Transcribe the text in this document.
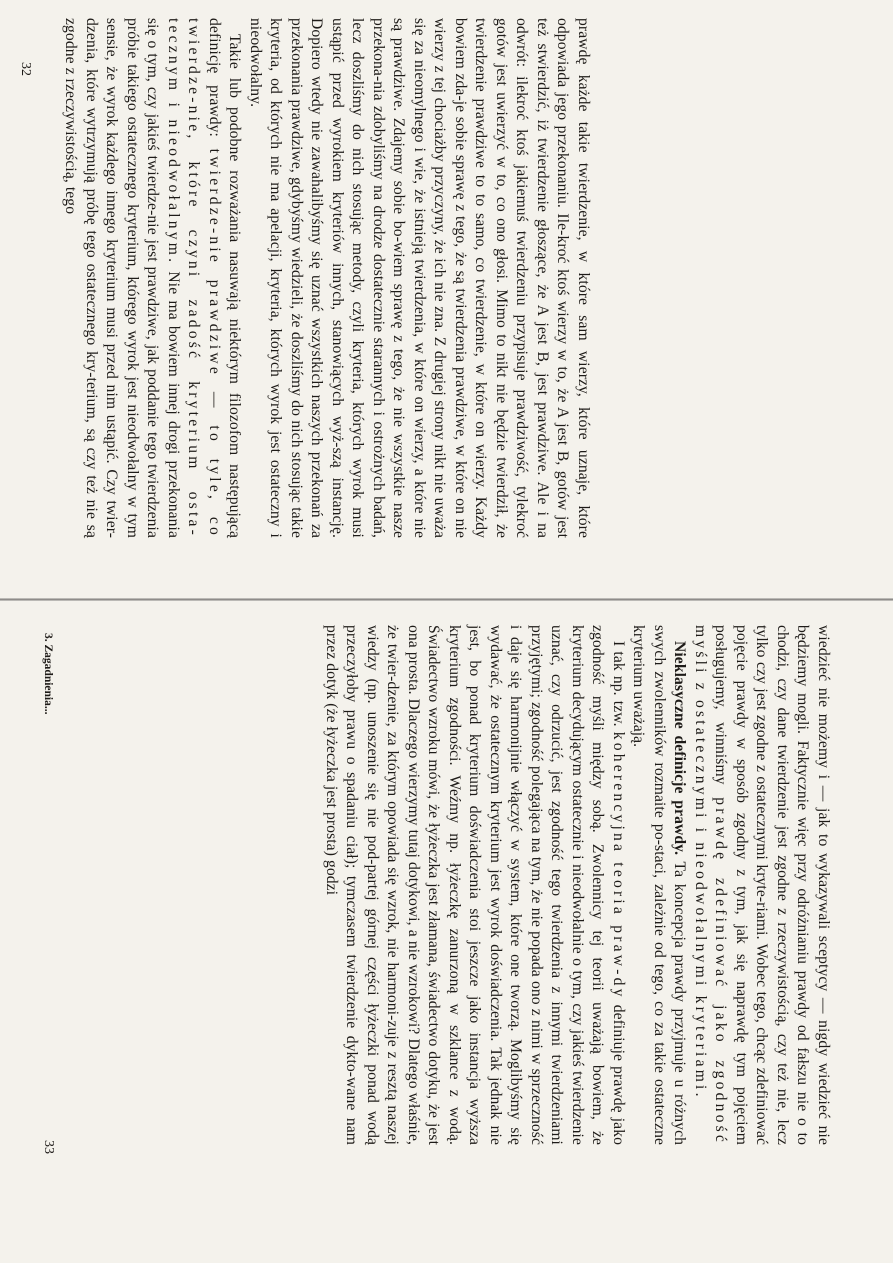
prawdę każde takie twierdzenie, w które sam wierzy, które uznaje, które odpowiada jego przekonaniu. Ile-kroć ktoś wierzy w to, że A jest B, gotów jest też stwierdzić, iż twierdzenie głoszące, że A jest B, jest prawdziwe. Ale i na odwrót: ilekroć ktoś jakiemuś twierdzeniu przypisuje prawdziwość, tylekroć gotów jest uwierzyć w to, co ono głosi. Mimo to nikt nie będzie twierdził, że twierdzenie prawdziwe to to samo, co twierdzenie, w które on wierzy. Każdy bowiem zda-je sobie sprawę z tego, że są twierdzenia prawdziwe, w które on nie wierzy z tej chociażby przyczyny, że ich nie zna. Z drugiej strony nikt nie uważa się za nieomylnego i wie, że istnieją twierdzenia, w które on wierzy, a które nie są prawdziwe. Zdajemy sobie bo-wiem sprawę z tego, że nie wszystkie nasze przekona-nia zdobyliśmy na drodze dostatecznie starannych i ostrożnych badań, lecz doszliśmy do nich stosując metody, czyli kryteria, których wyrok musi ustąpić przed wyrokiem kryteriów innych, stanowiących wyż-szą instancję. Dopiero wtedy nie zawahalibyśmy się uznać wszystkich naszych przekonań za przekonania prawdziwe, gdybyśmy wiedzieli, że doszliśmy do nich stosując takie kryteria, od których nie ma apelacji, kryteria, których wyrok jest ostateczny i nieodwołalny.

Takie lub podobne rozważania nasuwają niektórym filozofom następującą definicję prawdy: twierdze-nie prawdziwe — to tyle, co twierdze-nie, które czyni zadość kryterium osta-tecznym i nieodwołalnym. Nie ma bowiem innej drogi przekonania się o tym, czy jakieś twierdze-nie jest prawdziwe, jak poddanie tego twierdzenia próbie takiego ostatecznego kryterium, którego wyrok jest nieodwołalny w tym sensie, że wyrok każdego innego kryterium musi przed nim ustąpić. Czy twier-dzenia, które wytrzymują próbę tego ostatecznego kry-terium, są czy też nie są zgodne z rzeczywistością, tego

32

wiedzieć nie możemy i — jak to wykazywali sceptycy — nigdy wiedzieć nie będziemy mogli. Faktycznie więc przy odróżnianiu prawdy od fałszu nie o to chodzi, czy dane twierdzenie jest zgodne z rzeczywistością, czy też nie, lecz tylko czy jest zgodne z ostatecznymi kryte-riami. Wobec tego, chcąc zdefiniować pojęcie prawdy w sposób zgodny z tym, jak się naprawdę tym pojęciem posługujemy, winniśmy prawdę zdefiniować jako zgodność myśli z ostatecznymi i nieodwołalnymi kryteriami.

Nieklasyczne definicje prawdy. Ta koncepcja prawdy przyjmuje u różnych swych zwolenników rozmaite po-staci, zależnie od tego, co za takie ostateczne kryterium uważają.

I tak np. tzw. koherencyjna teoria praw-dy definiuje prawdę jako zgodność myśli między sobą. Zwolennicy tej teorii uważają bowiem, że kryterium decydującym ostatecznie i nieodwołalnie o tym, czy jakieś twierdzenie uznać, czy odrzucić, jest zgodność tego twierdzenia z innymi twierdzeniami przyjętymi; zgodność polegająca na tym, że nie popada ono z nimi w sprzeczność i daje się harmonijnie włączyć w system, które one tworzą. Moglibyśmy się wydawać, że ostatecznym kryterium jest wyrok doświadczenia. Tak jednak nie jest, bo ponad kryterium doświadczenia stoi jeszcze jako instancja wyższa kryterium zgodności. Weźmy np. łyżeczkę zanurzoną w szklance z wodą. Świadectwo wzroku mówi, że łyżeczka jest złamana, świadectwo dotyku, że jest ona prosta. Dlaczego wierzymy tutaj dotykowi, a nie wzrokowi? Dlatego właśnie, że twier-dzenie, za którym opowiada się wzrok, nie harmoni-zuje z resztą naszej wiedzy (np. unoszenie się nie pod-partej górnej części łyżeczki ponad wodą przeczyłoby prawu o spadaniu ciał); tymczasem twierdzenie dykto-wane nam przez dotyk (że łyżeczka jest prosta) godzi

33
3. Zagadnienia...
